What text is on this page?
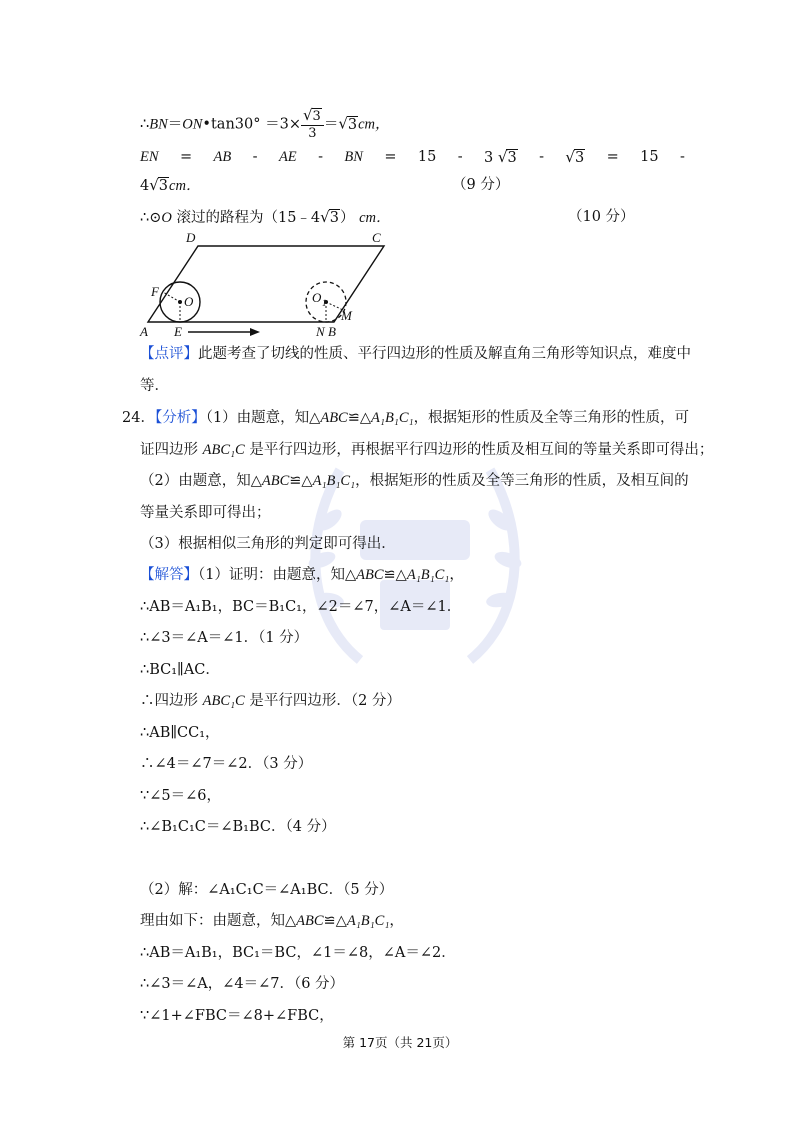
∴BN＝ON•tan30° $=3\times \frac{√3}{3} =√3cm$，
EN = AB - AE - BN = 15 - 3 √3 - √3 = 15 -
4√3cm．	（9 分）
∴⊙O 滚过的路程为（15﹣4√3） cm．	（10 分）
D	C
F
O	O 1
A E	N B
M
【点评】此题考查了切线的性质、平行四边形的性质及解直角三角形等知识点，难度中
等．
24．【分析】（1）由题意，知△ABC≌△A₁B₁C₁，根据矩形的性质及全等三角形的性质，可
证四边形 ABC₁C 是平行四边形，再根据平行四边形的性质及相互间的等量关系即可得出；
（2）由题意，知△ABC≌△A₁B₁C₁，根据矩形的性质及全等三角形的性质，及相互间的
等量关系即可得出；
（3）根据相似三角形的判定即可得出．
【解答】（1）证明：由题意，知△ABC≌△A₁B₁C₁，
∴AB＝A₁B₁，BC＝B₁C₁，∠2＝∠7，∠A＝∠1．
∴∠3＝∠A＝∠1．（1 分）
∴BC₁∥AC．
∴四边形 ABC₁C 是平行四边形．（2 分）
∴AB∥CC₁，
∴∠4＝∠7＝∠2．（3 分）
∵∠5＝∠6，
∴∠B₁C₁C＝∠B₁BC．（4 分）
（2）解：∠A₁C₁C＝∠A₁BC．（5 分）
理由如下：由题意，知△ABC≌△A₁B₁C₁，
∴AB＝A₁B₁，BC₁＝BC，∠1＝∠8，∠A＝∠2．
∴∠3＝∠A，∠4＝∠7．（6 分）
∵∠1+∠FBC＝∠8+∠FBC，
第 17页（共 21页）
